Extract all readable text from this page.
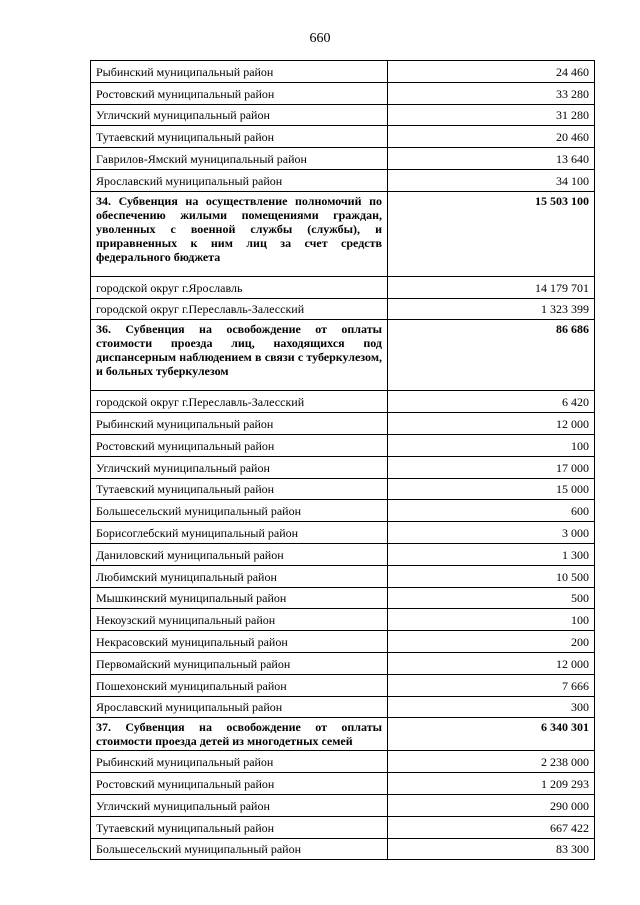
660
Рыбинский муниципальный район	24 460
Ростовский муниципальный район	33 280
Угличский муниципальный район	31 280
Тутаевский муниципальный район	20 460
Гаврилов-Ямский муниципальный район	13 640
Ярославский муниципальный район	34 100
34. Субвенция на осуществление полномочий по обеспечению жилыми помещениями граждан, уволенных с военной службы (службы), и приравненных к ним лиц за счет средств федерального бюджета	15 503 100
городской округ г.Ярославль	14 179 701
городской округ г.Переславль-Залесский	1 323 399
36. Субвенция на освобождение от оплаты стоимости проезда лиц, находящихся под диспансерным наблюдением в связи с туберкулезом, и больных туберкулезом	86 686
городской округ г.Переславль-Залесский	6 420
Рыбинский муниципальный район	12 000
Ростовский муниципальный район	100
Угличский муниципальный район	17 000
Тутаевский муниципальный район	15 000
Большесельский муниципальный район	600
Борисоглебский муниципальный район	3 000
Даниловский муниципальный район	1 300
Любимский муниципальный район	10 500
Мышкинский муниципальный район	500
Некоузский муниципальный район	100
Некрасовский муниципальный район	200
Первомайский муниципальный район	12 000
Пошехонский муниципальный район	7 666
Ярославский муниципальный район	300
37. Субвенция на освобождение от оплаты стоимости проезда детей из многодетных семей	6 340 301
Рыбинский муниципальный район	2 238 000
Ростовский муниципальный район	1 209 293
Угличский муниципальный район	290 000
Тутаевский муниципальный район	667 422
Большесельский муниципальный район	83 300
